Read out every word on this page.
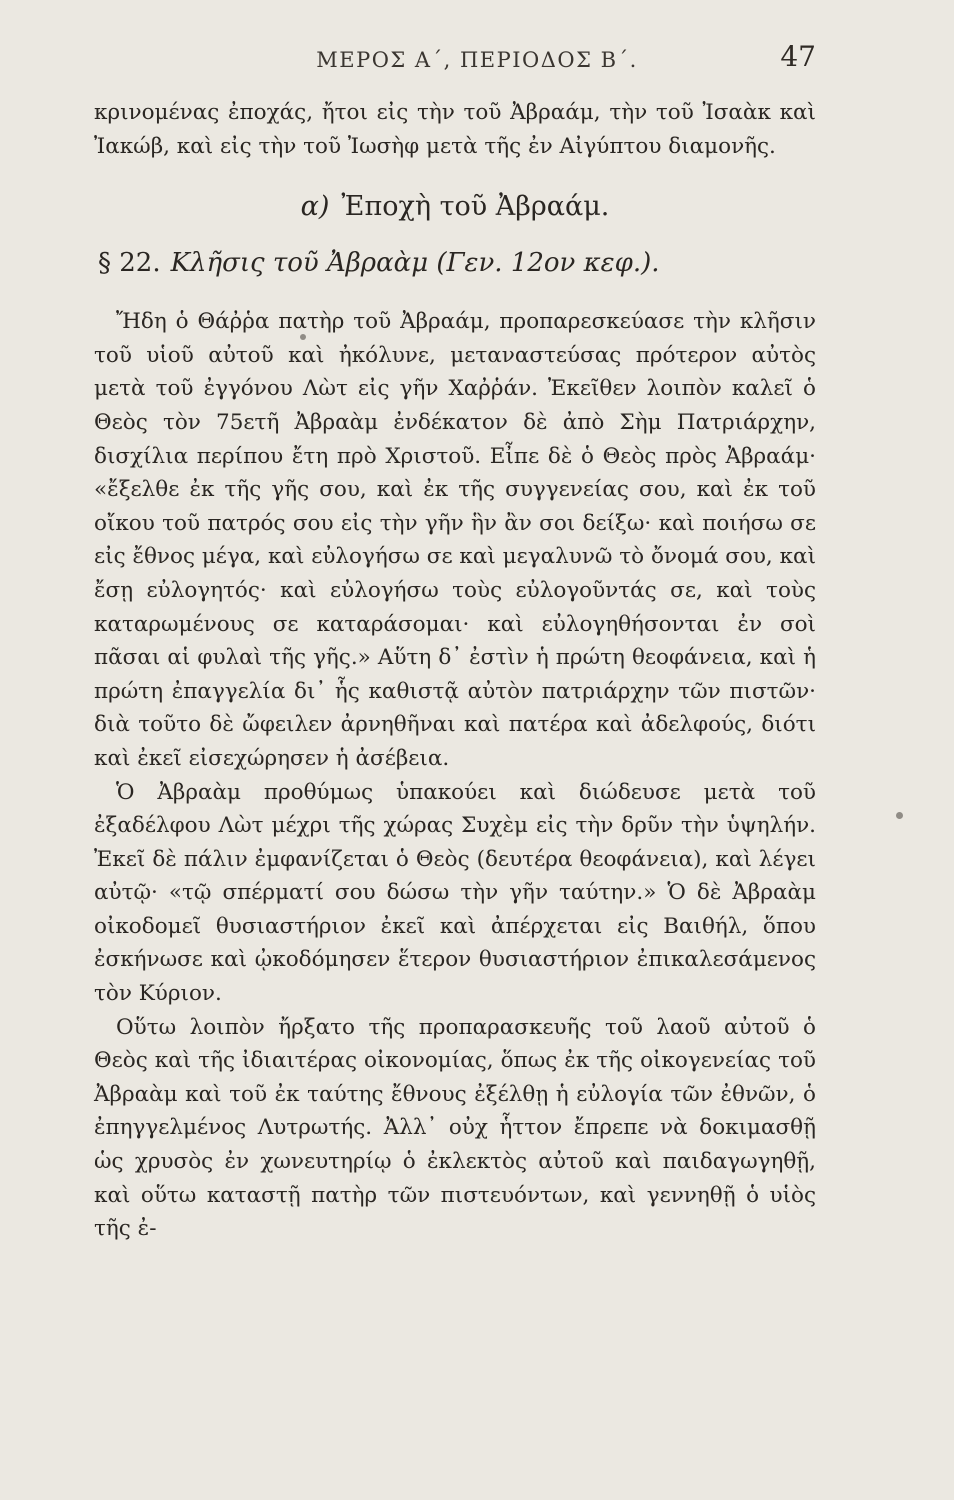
ΜΕΡΟΣ Α΄, ΠΕΡΙΟΔΟΣ Β΄.	47

κρινομένας ἐποχάς, ἤτοι εἰς τὴν τοῦ Ἀβραάμ, τὴν τοῦ Ἰσαὰκ καὶ Ἰακώβ, καὶ εἰς τὴν τοῦ Ἰωσὴφ μετὰ τῆς ἐν Αἰγύπτου διαμονῆς.

α) Ἐποχὴ τοῦ Ἀβραάμ.
§ 22. Κλῆσις τοῦ Ἀβραὰμ (Γεν. 12ον κεφ.).

Ἤδη ὁ Θάῤῥα πατὴρ τοῦ Ἀβραάμ, προπαρεσκεύασε τὴν κλῆσιν τοῦ υἱοῦ αὐτοῦ καὶ ἠκόλυνε, μεταναστεύσας πρότερον αὐτὸς μετὰ τοῦ ἐγγόνου Λὼτ εἰς γῆν Χαῤῥάν. Ἐκεῖθεν λοιπὸν καλεῖ ὁ Θεὸς τὸν 75ετῆ Ἀβραὰμ ἐνδέκατον δὲ ἀπὸ Σὴμ Πατριάρχην, δισχίλια περίπου ἔτη πρὸ Χριστοῦ. Εἶπε δὲ ὁ Θεὸς πρὸς Ἀβραάμ· «ἔξελθε ἐκ τῆς γῆς σου, καὶ ἐκ τῆς συγγενείας σου, καὶ ἐκ τοῦ οἴκου τοῦ πατρός σου εἰς τὴν γῆν ἣν ἂν σοι δείξω· καὶ ποιήσω σε εἰς ἔθνος μέγα, καὶ εὐλογήσω σε καὶ μεγαλυνῶ τὸ ὄνομά σου, καὶ ἔσῃ εὐλογητός· καὶ εὐλογήσω τοὺς εὐλογοῦντάς σε, καὶ τοὺς καταρωμένους σε καταράσομαι· καὶ εὐλογηθήσονται ἐν σοὶ πᾶσαι αἱ φυλαὶ τῆς γῆς.» Αὕτη δ᾽ ἐστὶν ἡ πρώτη θεοφάνεια, καὶ ἡ πρώτη ἐπαγγελία δι᾽ ἧς καθιστᾷ αὐτὸν πατριάρχην τῶν πιστῶν· διὰ τοῦτο δὲ ὤφειλεν ἀρνηθῆναι καὶ πατέρα καὶ ἀδελφούς, διότι καὶ ἐκεῖ εἰσεχώρησεν ἡ ἀσέβεια.

Ὁ Ἀβραὰμ προθύμως ὑπακούει καὶ διώδευσε μετὰ τοῦ ἐξαδέλφου Λὼτ μέχρι τῆς χώρας Συχὲμ εἰς τὴν δρῦν τὴν ὑψηλήν. Ἐκεῖ δὲ πάλιν ἐμφανίζεται ὁ Θεὸς (δευτέρα θεοφάνεια), καὶ λέγει αὐτῷ· «τῷ σπέρματί σου δώσω τὴν γῆν ταύτην.» Ὁ δὲ Ἀβραὰμ οἰκοδομεῖ θυσιαστήριον ἐκεῖ καὶ ἀπέρχεται εἰς Βαιθήλ, ὅπου ἐσκήνωσε καὶ ᾠκοδόμησεν ἕτερον θυσιαστήριον ἐπικαλεσάμενος τὸν Κύριον.

Οὕτω λοιπὸν ἤρξατο τῆς προπαρασκευῆς τοῦ λαοῦ αὐτοῦ ὁ Θεὸς καὶ τῆς ἰδιαιτέρας οἰκονομίας, ὅπως ἐκ τῆς οἰκογενείας τοῦ Ἀβραὰμ καὶ τοῦ ἐκ ταύτης ἔθνους ἐξέλθῃ ἡ εὐλογία τῶν ἐθνῶν, ὁ ἐπηγγελμένος Λυτρωτής. Ἀλλ᾽ οὐχ ἧττον ἔπρεπε νὰ δοκιμασθῇ ὡς χρυσὸς ἐν χωνευτηρίῳ ὁ ἐκλεκτὸς αὐτοῦ καὶ παιδαγωγηθῇ, καὶ οὕτω καταστῇ πατὴρ τῶν πιστευόντων, καὶ γεννηθῇ ὁ υἱὸς τῆς ἐ-
